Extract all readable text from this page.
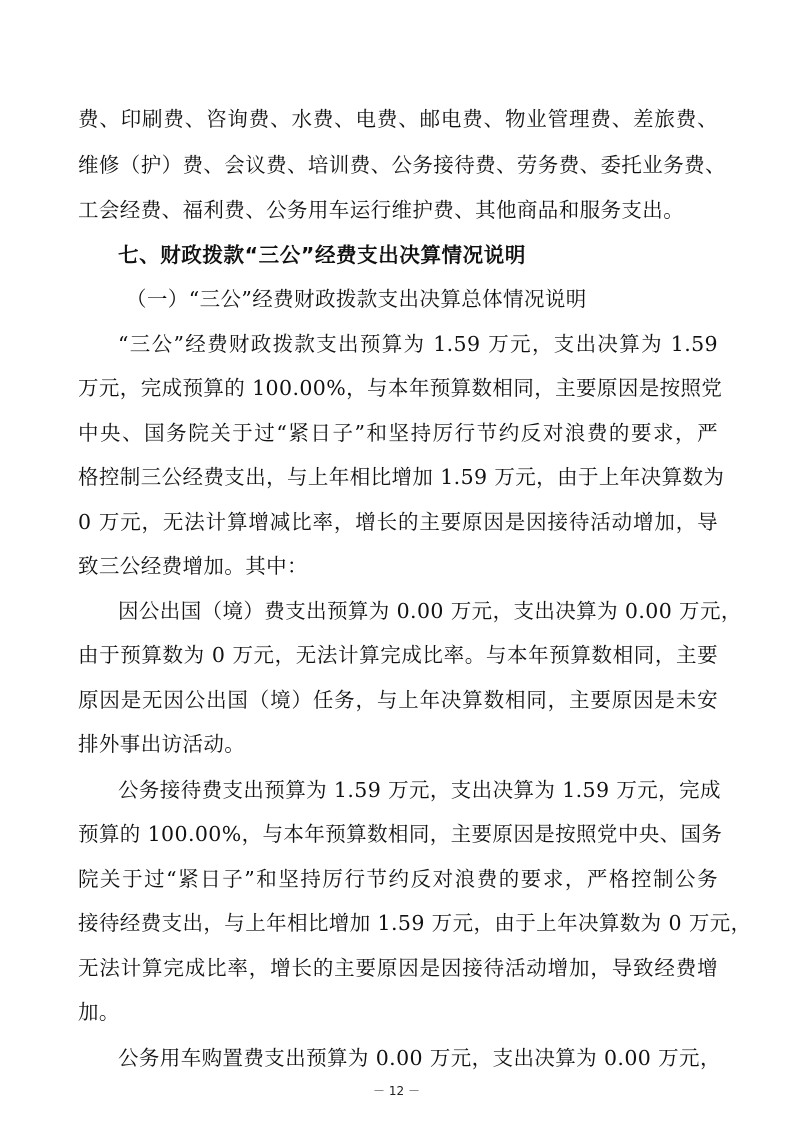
费、印刷费、咨询费、水费、电费、邮电费、物业管理费、差旅费、
维修（护）费、会议费、培训费、公务接待费、劳务费、委托业务费、
工会经费、福利费、公务用车运行维护费、其他商品和服务支出。
七、财政拨款“三公”经费支出决算情况说明
（一）“三公”经费财政拨款支出决算总体情况说明
“三公”经费财政拨款支出预算为 1.59 万元，支出决算为 1.59
万元，完成预算的 100.00%，与本年预算数相同，主要原因是按照党
中央、国务院关于过“紧日子”和坚持厉行节约反对浪费的要求，严
格控制三公经费支出，与上年相比增加 1.59 万元，由于上年决算数为
0 万元，无法计算增减比率，增长的主要原因是因接待活动增加，导
致三公经费增加。其中：
因公出国（境）费支出预算为 0.00 万元，支出决算为 0.00 万元，
由于预算数为 0 万元，无法计算完成比率。与本年预算数相同，主要
原因是无因公出国（境）任务，与上年决算数相同，主要原因是未安
排外事出访活动。
公务接待费支出预算为 1.59 万元，支出决算为 1.59 万元，完成
预算的 100.00%，与本年预算数相同，主要原因是按照党中央、国务
院关于过“紧日子”和坚持厉行节约反对浪费的要求，严格控制公务
接待经费支出，与上年相比增加 1.59 万元，由于上年决算数为 0 万元，
无法计算完成比率，增长的主要原因是因接待活动增加，导致经费增
加。
公务用车购置费支出预算为 0.00 万元，支出决算为 0.00 万元，
－ 12 －
